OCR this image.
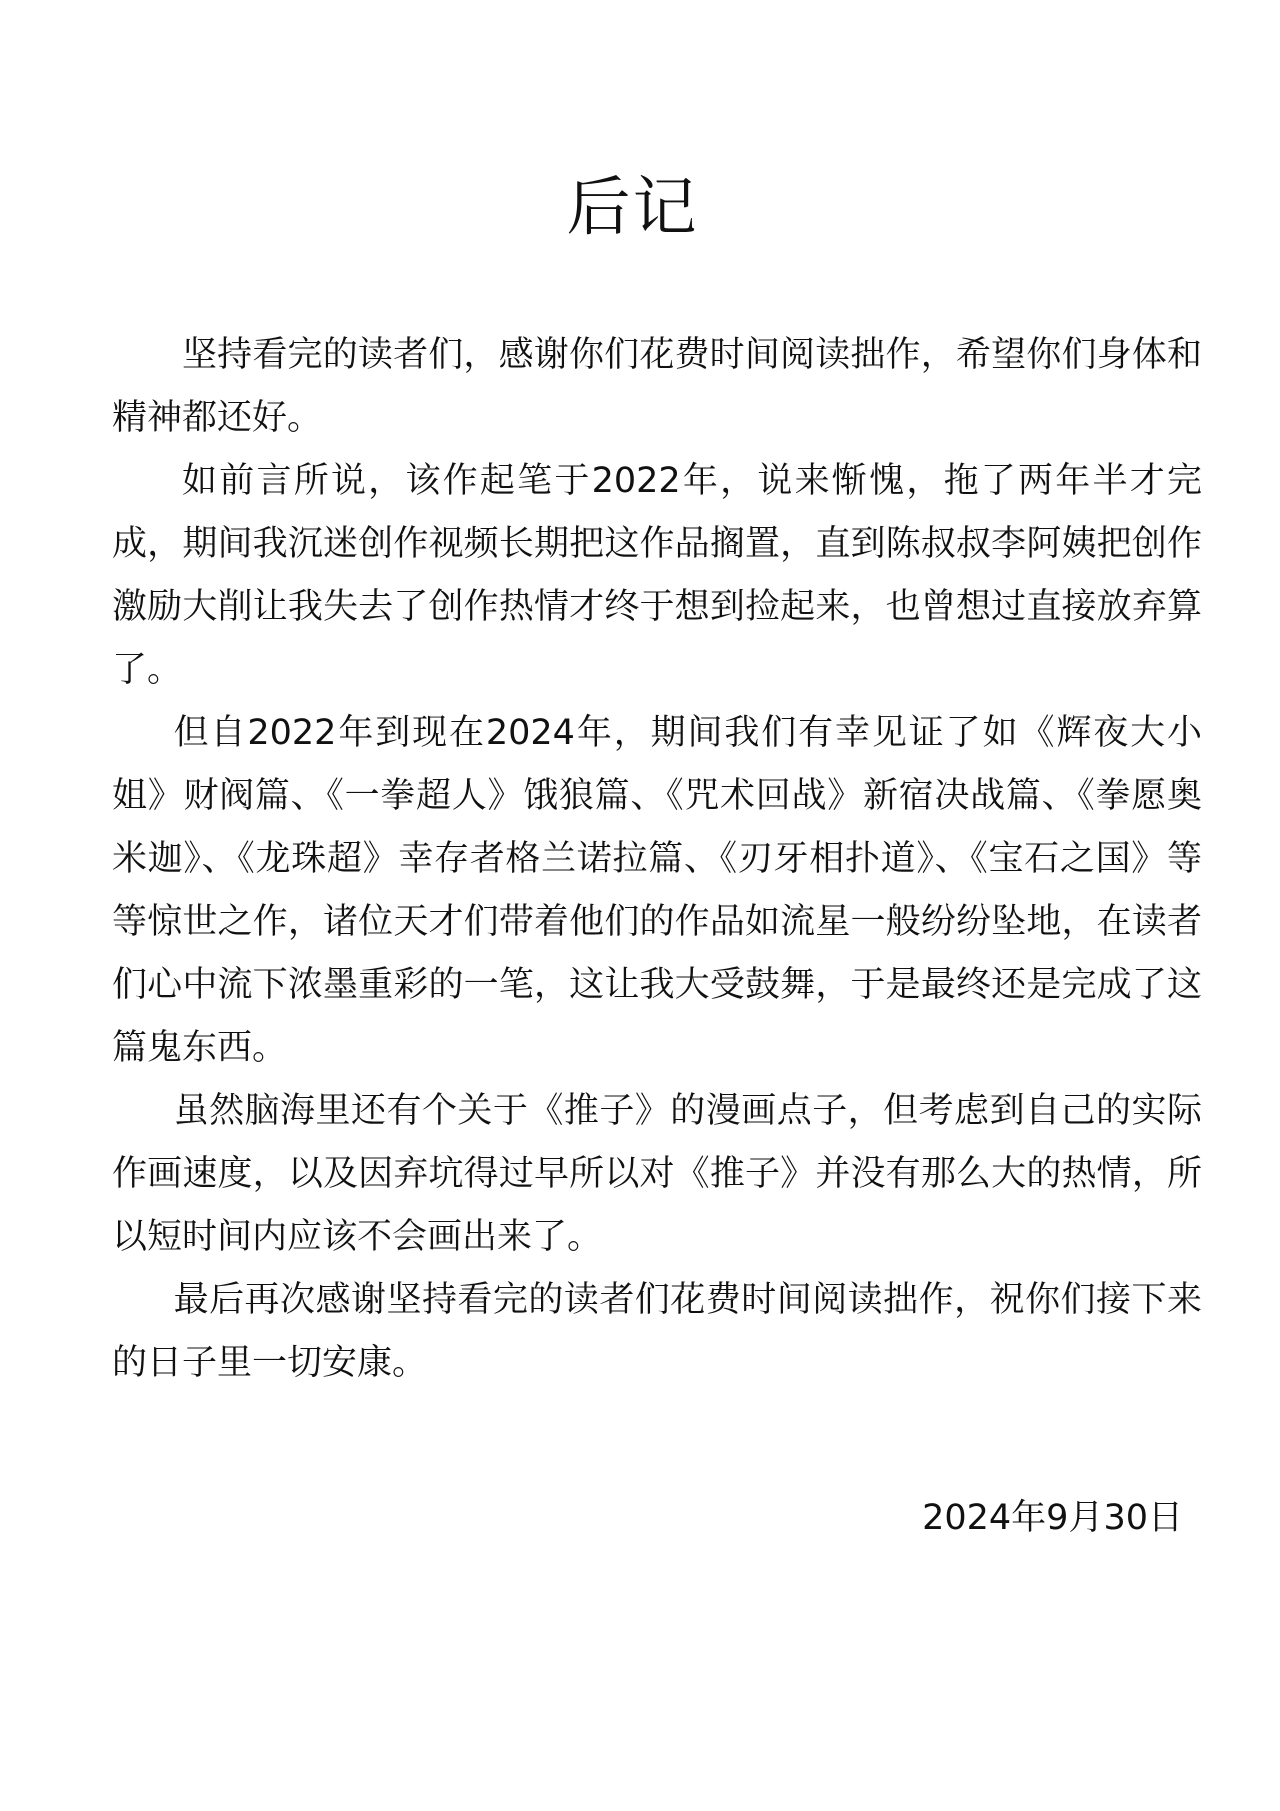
后记

坚持看完的读者们，感谢你们花费时间阅读拙作，希望你们身体和精神都还好。

如前言所说，该作起笔于2022年，说来惭愧，拖了两年半才完成，期间我沉迷创作视频长期把这作品搁置，直到陈叔叔李阿姨把创作激励大削让我失去了创作热情才终于想到捡起来，也曾想过直接放弃算了。

但自2022年到现在2024年，期间我们有幸见证了如《辉夜大小姐》财阀篇、《一拳超人》饿狼篇、《咒术回战》新宿决战篇、《拳愿奥米迦》、《龙珠超》幸存者格兰诺拉篇、《刃牙相扑道》、《宝石之国》等等惊世之作，诸位天才们带着他们的作品如流星一般纷纷坠地，在读者们心中流下浓墨重彩的一笔，这让我大受鼓舞，于是最终还是完成了这篇鬼东西。

虽然脑海里还有个关于《推子》的漫画点子，但考虑到自己的实际作画速度，以及因弃坑得过早所以对《推子》并没有那么大的热情，所以短时间内应该不会画出来了。

最后再次感谢坚持看完的读者们花费时间阅读拙作，祝你们接下来的日子里一切安康。

2024年9月30日
